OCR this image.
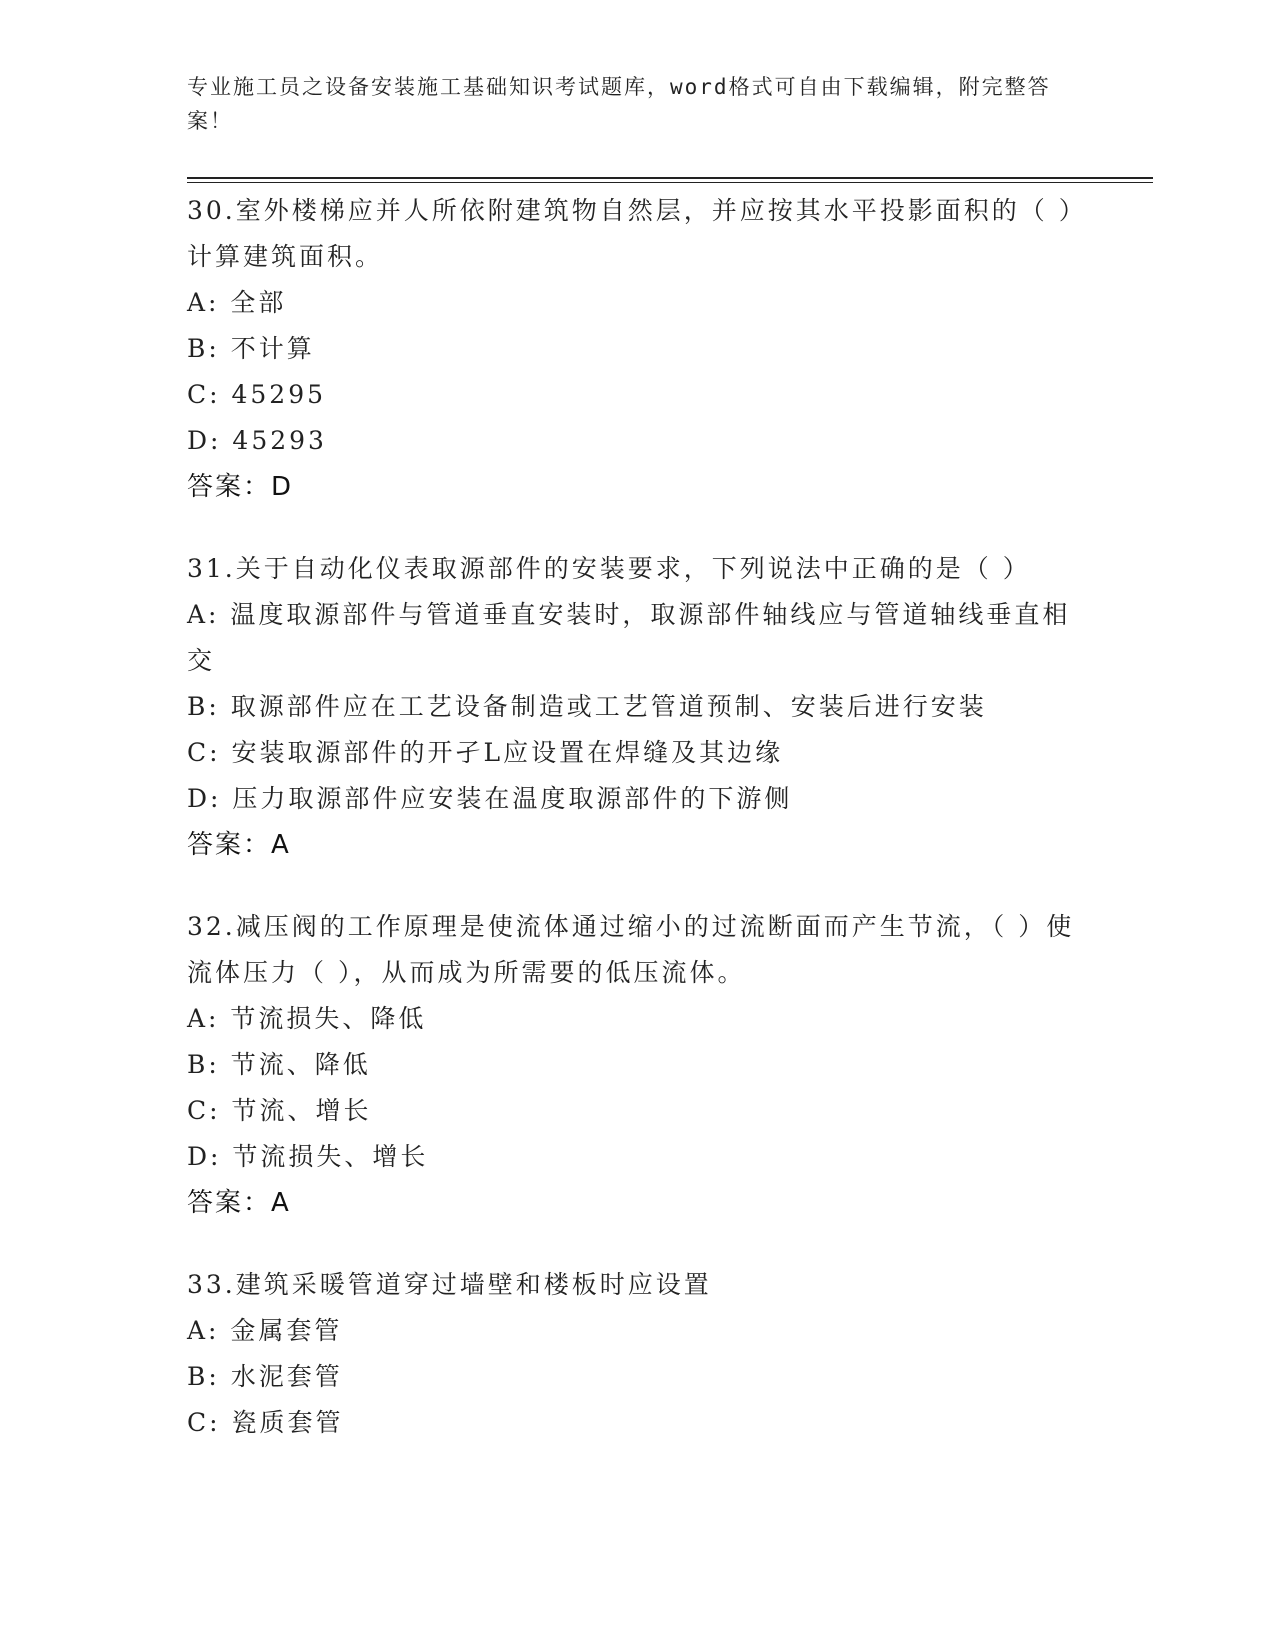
专业施工员之设备安装施工基础知识考试题库，word格式可自由下载编辑，附完整答案！
30.室外楼梯应并人所依附建筑物自然层，并应按其水平投影面积的（ ）计算建筑面积。
A: 全部
B: 不计算
C: 45295
D: 45293
答案：D
31.关于自动化仪表取源部件的安装要求，下列说法中正确的是（ ）
A: 温度取源部件与管道垂直安装时，取源部件轴线应与管道轴线垂直相交
B: 取源部件应在工艺设备制造或工艺管道预制、安装后进行安装
C: 安装取源部件的开孑L应设置在焊缝及其边缘
D: 压力取源部件应安装在温度取源部件的下游侧
答案：A
32.减压阀的工作原理是使流体通过缩小的过流断面而产生节流，（ ）使流体压力（ ），从而成为所需要的低压流体。
A: 节流损失、降低
B: 节流、降低
C: 节流、增长
D: 节流损失、增长
答案：A
33.建筑采暖管道穿过墙壁和楼板时应设置
A: 金属套管
B: 水泥套管
C: 瓷质套管
